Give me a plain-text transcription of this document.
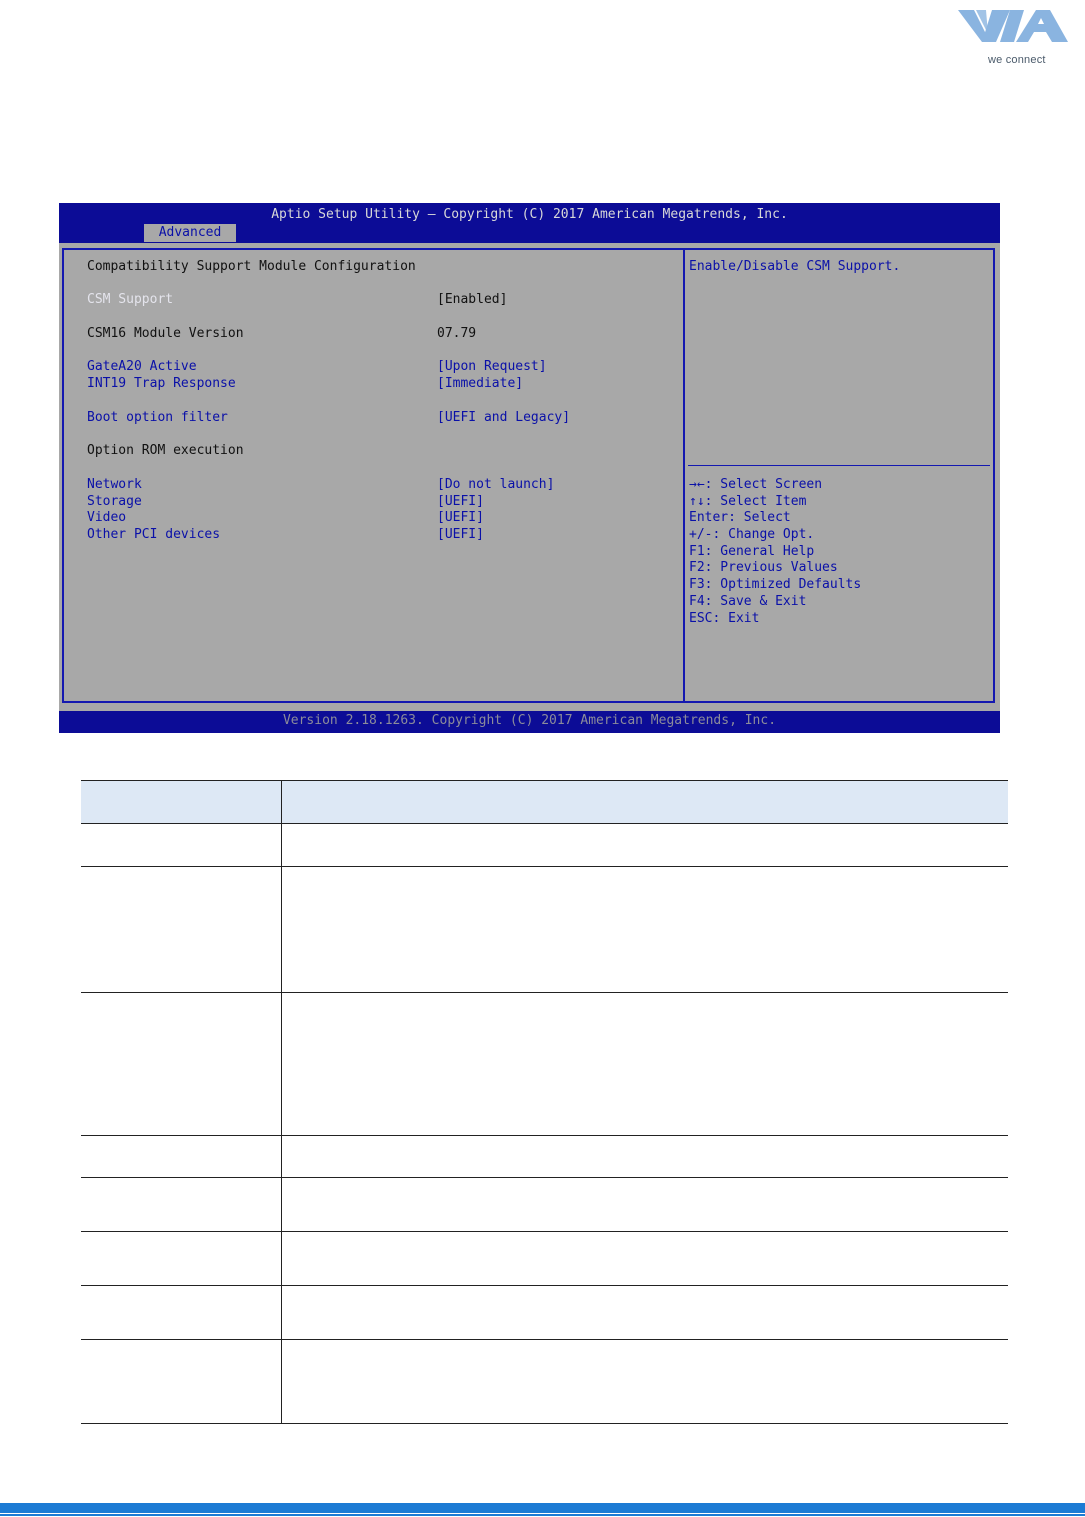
we connect
Aptio Setup Utility – Copyright (C) 2017 American Megatrends, Inc.
Advanced
Compatibility Support Module Configuration
CSM Support	[Enabled]
CSM16 Module Version	07.79
GateA20 Active	[Upon Request]
INT19 Trap Response	[Immediate]
Boot option filter	[UEFI and Legacy]
Option ROM execution
Network	[Do not launch]
Storage	[UEFI]
Video	[UEFI]
Other PCI devices	[UEFI]
Enable/Disable CSM Support.
→←: Select Screen
↑↓: Select Item
Enter: Select
+/-: Change Opt.
F1: General Help
F2: Previous Values
F3: Optimized Defaults
F4: Save & Exit
ESC: Exit
Version 2.18.1263. Copyright (C) 2017 American Megatrends, Inc.
